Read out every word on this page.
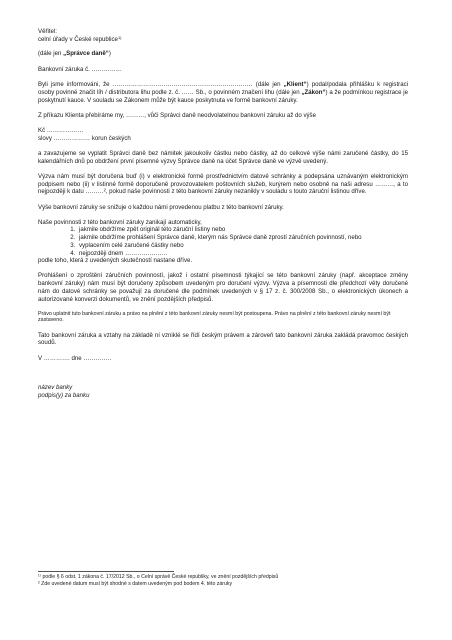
Věřitel:

celní úřady v České republice$^{1)}$

(dále jen „Správce daně“)

Bankovní záruka č. ……………

Byli jsme informováni, že …………………………………………………………… (dále jen „Klient“) podal/podala přihlášku k registraci osoby povinné značit líh / distributora lihu podle z. č. …… Sb., o povinném značení lihu (dále jen „Zákon“) a že podmínkou registrace je poskytnutí kauce. V souladu se Zákonem může být kauce poskytnuta ve formě bankovní záruky.

Z příkazu Klienta přebíráme my, ………, vůči Správci daně neodvolatelnou bankovní záruku až do výše

Kč ………………

slovy ……………… korun českých

a zavazujeme se vyplatit Správci daně bez námitek jakoukoliv částku nebo částky, až do celkové výše námi zaručené částky, do 15 kalendářních dnů po obdržení první písemné výzvy Správce daně na účet Správce daně ve výzvě uvedený.

Výzva nám musí být doručena buď (i) v elektronické formě prostřednictvím datové schránky a podepsána uznávaným elektronickým podpisem nebo (ii) v listinné formě doporučeně provozovatelem poštovních služeb, kurýrem nebo osobně na naši adresu ………, a to nejpozději k datu ………², pokud naše povinnosti z této bankovní záruky nezanikly v souladu s touto záruční listinou dříve.

Výše bankovní záruky se snižuje o každou námi provedenou platbu z této bankovní záruky.

Naše povinnosti z této bankovní záruky zanikají automaticky,

1. jakmile obdržíme zpět originál této záruční listiny nebo
2. jakmile obdržíme prohlášení Správce daně, kterým nás Správce daně zprostí záručních povinností, nebo
3. vyplacením celé zaručené částky nebo
4. nejpozději dnem …………………

podle toho, která z uvedených skutečností nastane dříve.

Prohlášení o zproštění záručních povinností, jakož i ostatní písemnosti týkající se této bankovní záruky (např. akceptace změny bankovní záruky) nám musí být doručeny způsobem uvedeným pro doručení výzvy. Výzva a písemnosti dle předchozí věty doručené nám do datové schránky se považují za doručené dle podmínek uvedených v § 17 z. č. 300/2008 Sb., o elektronických úkonech a autorizované konverzi dokumentů, ve znění pozdějších předpisů.

Právo uplatnit tuto bankovní záruku a právo na plnění z této bankovní záruky nesmí být postoupena. Právo na plnění z této bankovní záruky nesmí být zastaveno.

Tato bankovní záruka a vztahy na základě ní vzniklé se řídí českým právem a zároveň tato bankovní záruka zakládá pravomoc českých soudů.

V …………. dne …………..

název banky

podpis(y) za banku

¹⁾ podle § 6 odst. 1 zákona č. 17/2012 Sb., o Celní správě České republiky, ve znění pozdějších předpisů

² Zde uvedené datum musí být shodné s datem uvedeným pod bodem 4. této záruky
